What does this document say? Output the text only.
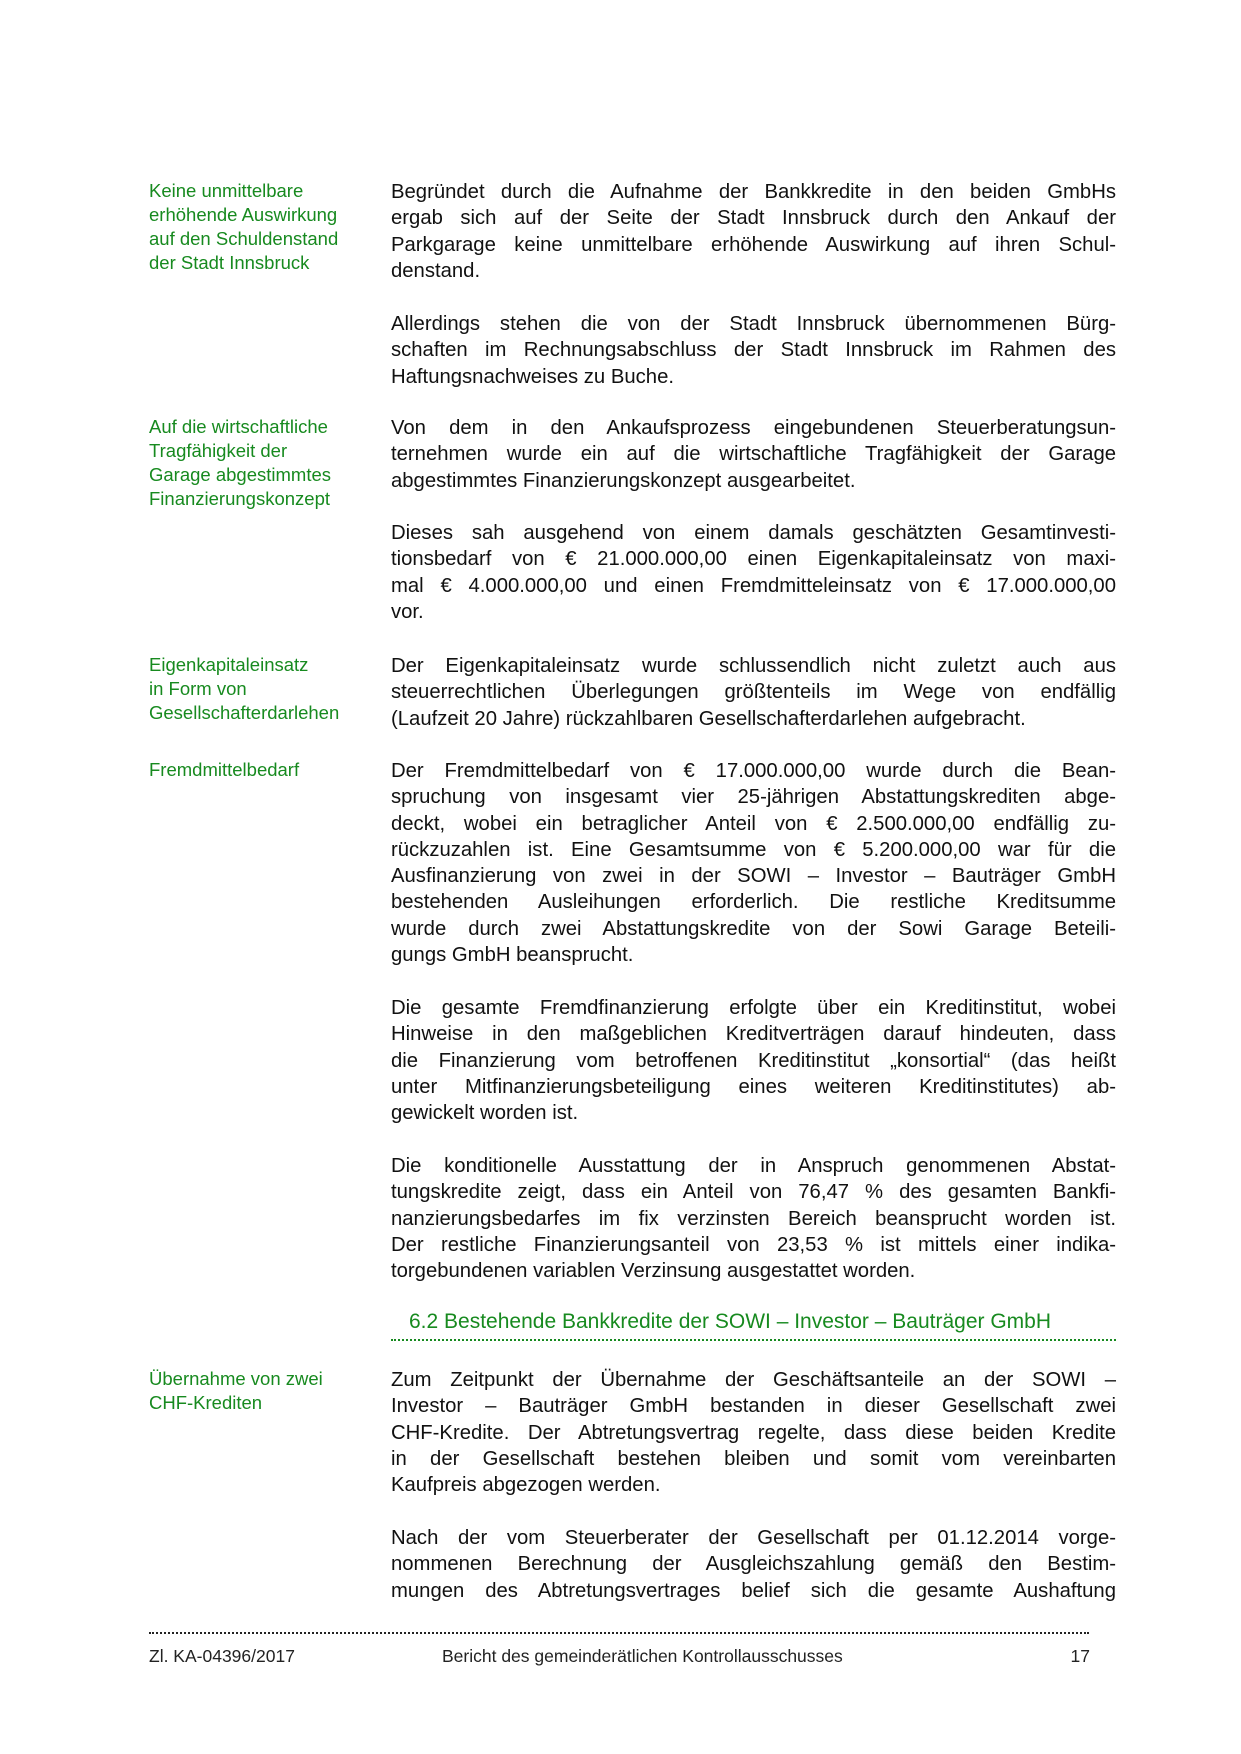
Keine unmittelbare
erhöhende Auswirkung
auf den Schuldenstand
der Stadt Innsbruck
Auf die wirtschaftliche
Tragfähigkeit der
Garage abgestimmtes
Finanzierungskonzept
Eigenkapitaleinsatz
in Form von
Gesellschafterdarlehen
Fremdmittelbedarf
Übernahme von zwei
CHF-Krediten
Begründet durch die Aufnahme der Bankkredite in den beiden GmbHs
ergab sich auf der Seite der Stadt Innsbruck durch den Ankauf der
Parkgarage keine unmittelbare erhöhende Auswirkung auf ihren Schul-
denstand.
Allerdings stehen die von der Stadt Innsbruck übernommenen Bürg-
schaften im Rechnungsabschluss der Stadt Innsbruck im Rahmen des
Haftungsnachweises zu Buche.
Von dem in den Ankaufsprozess eingebundenen Steuerberatungsun-
ternehmen wurde ein auf die wirtschaftliche Tragfähigkeit der Garage
abgestimmtes Finanzierungskonzept ausgearbeitet.
Dieses sah ausgehend von einem damals geschätzten Gesamtinvesti-
tionsbedarf von € 21.000.000,00 einen Eigenkapitaleinsatz von maxi-
mal € 4.000.000,00 und einen Fremdmitteleinsatz von € 17.000.000,00
vor.
Der Eigenkapitaleinsatz wurde schlussendlich nicht zuletzt auch aus
steuerrechtlichen Überlegungen größtenteils im Wege von endfällig
(Laufzeit 20 Jahre) rückzahlbaren Gesellschafterdarlehen aufgebracht.
Der Fremdmittelbedarf von € 17.000.000,00 wurde durch die Bean-
spruchung von insgesamt vier 25-jährigen Abstattungskrediten abge-
deckt, wobei ein betraglicher Anteil von € 2.500.000,00 endfällig zu-
rückzuzahlen ist. Eine Gesamtsumme von € 5.200.000,00 war für die
Ausfinanzierung von zwei in der SOWI – Investor – Bauträger GmbH
bestehenden Ausleihungen erforderlich. Die restliche Kreditsumme
wurde durch zwei Abstattungskredite von der Sowi Garage Beteili-
gungs GmbH beansprucht.
Die gesamte Fremdfinanzierung erfolgte über ein Kreditinstitut, wobei
Hinweise in den maßgeblichen Kreditverträgen darauf hindeuten, dass
die Finanzierung vom betroffenen Kreditinstitut „konsortial“ (das heißt
unter Mitfinanzierungsbeteiligung eines weiteren Kreditinstitutes) ab-
gewickelt worden ist.
Die konditionelle Ausstattung der in Anspruch genommenen Abstat-
tungskredite zeigt, dass ein Anteil von 76,47 % des gesamten Bankfi-
nanzierungsbedarfes im fix verzinsten Bereich beansprucht worden ist.
Der restliche Finanzierungsanteil von 23,53 % ist mittels einer indika-
torgebundenen variablen Verzinsung ausgestattet worden.
Zum Zeitpunkt der Übernahme der Geschäftsanteile an der SOWI –
Investor – Bauträger GmbH bestanden in dieser Gesellschaft zwei
CHF-Kredite. Der Abtretungsvertrag regelte, dass diese beiden Kredite
in der Gesellschaft bestehen bleiben und somit vom vereinbarten
Kaufpreis abgezogen werden.
Nach der vom Steuerberater der Gesellschaft per 01.12.2014 vorge-
nommenen Berechnung der Ausgleichszahlung gemäß den Bestim-
mungen des Abtretungsvertrages belief sich die gesamte Aushaftung
6.2 Bestehende Bankkredite der SOWI – Investor – Bauträger GmbH
Zl. KA-04396/2017	Bericht des gemeinderätlichen Kontrollausschusses	17
